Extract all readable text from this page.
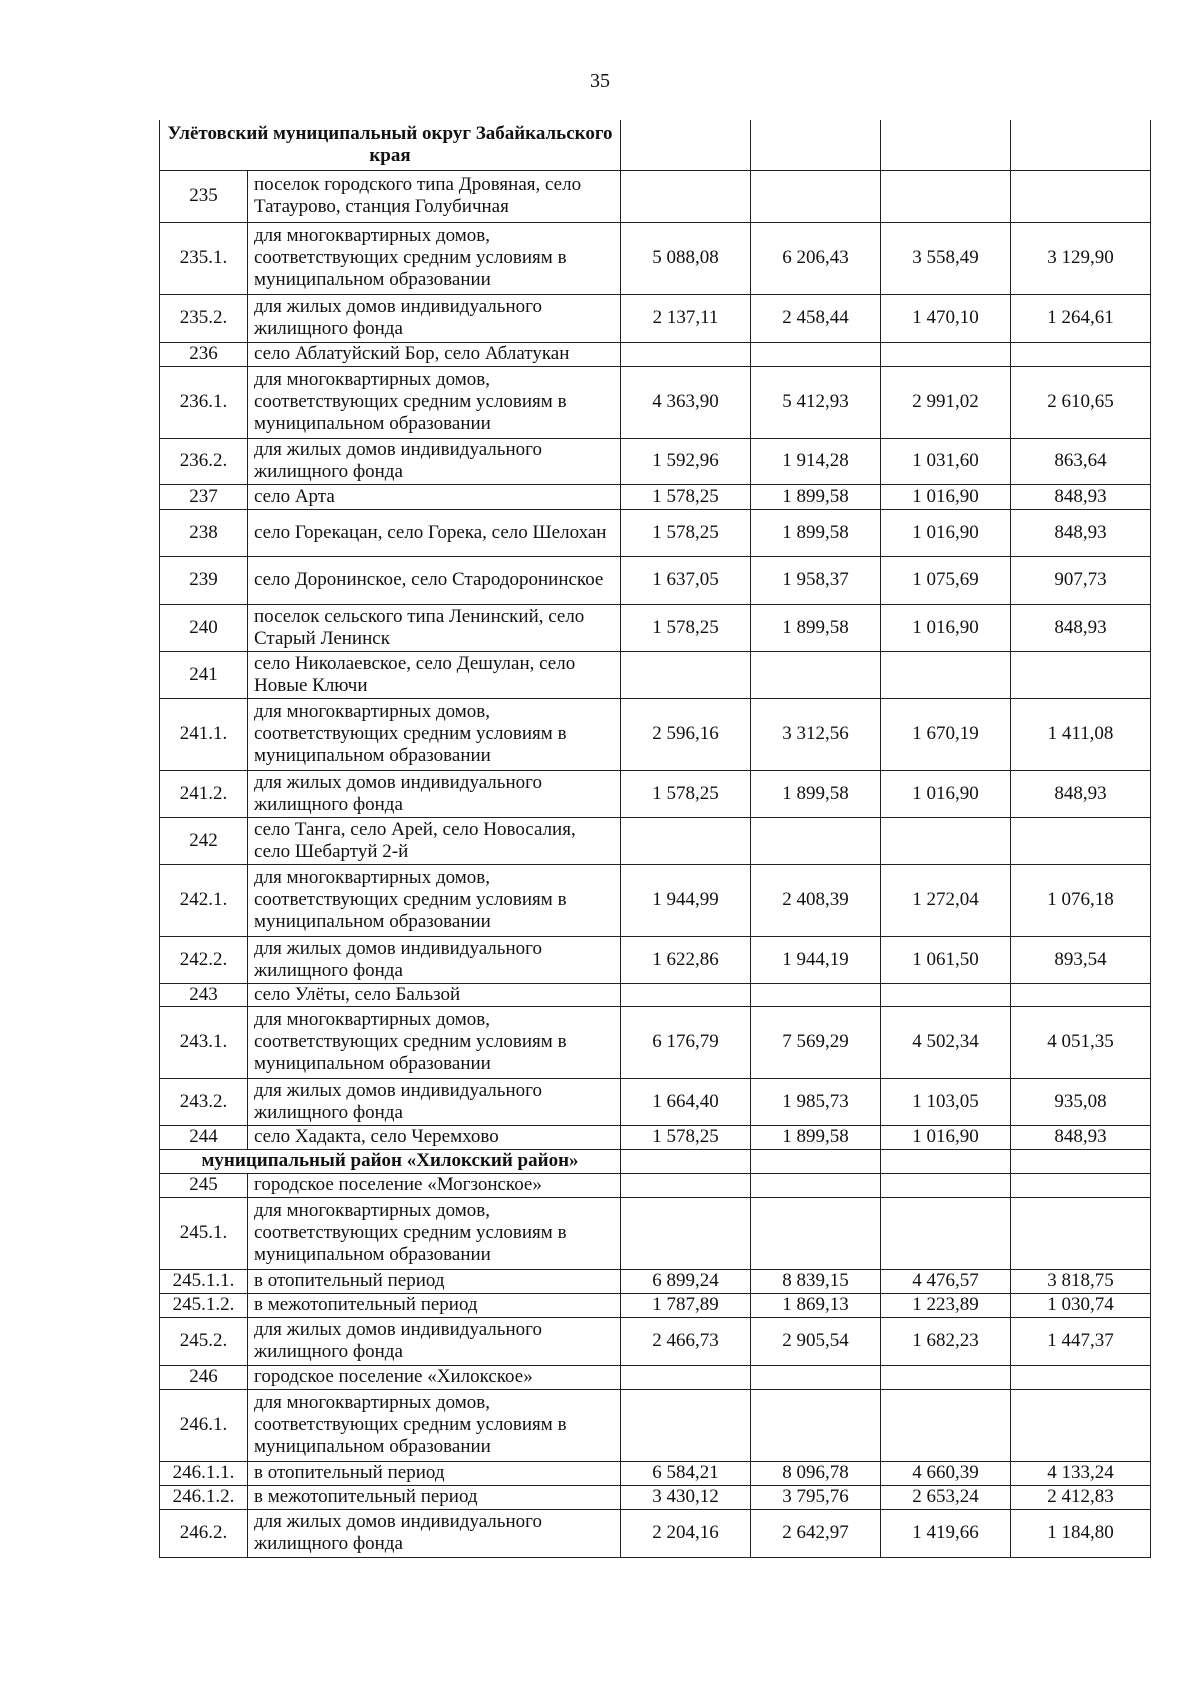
35
Улётовский муниципальный округ Забайкальского края					
235	поселок городского типа Дровяная, село Татаурово, станция Голубичная				
235.1.	для многоквартирных домов, соответствующих средним условиям в муниципальном образовании	5 088,08	6 206,43	3 558,49	3 129,90
235.2.	для жилых домов индивидуального жилищного фонда	2 137,11	2 458,44	1 470,10	1 264,61
236	село Аблатуйский Бор, село Аблатукан				
236.1.	для многоквартирных домов, соответствующих средним условиям в муниципальном образовании	4 363,90	5 412,93	2 991,02	2 610,65
236.2.	для жилых домов индивидуального жилищного фонда	1 592,96	1 914,28	1 031,60	863,64
237	село Арта	1 578,25	1 899,58	1 016,90	848,93
238	село Горекацан, село Горека, село Шелохан	1 578,25	1 899,58	1 016,90	848,93
239	село Доронинское, село Стародоронинское	1 637,05	1 958,37	1 075,69	907,73
240	поселок сельского типа Ленинский, село Старый Ленинск	1 578,25	1 899,58	1 016,90	848,93
241	село Николаевское, село Дешулан, село Новые Ключи				
241.1.	для многоквартирных домов, соответствующих средним условиям в муниципальном образовании	2 596,16	3 312,56	1 670,19	1 411,08
241.2.	для жилых домов индивидуального жилищного фонда	1 578,25	1 899,58	1 016,90	848,93
242	село Танга, село Арей, село Новосалия, село Шебартуй 2-й				
242.1.	для многоквартирных домов, соответствующих средним условиям в муниципальном образовании	1 944,99	2 408,39	1 272,04	1 076,18
242.2.	для жилых домов индивидуального жилищного фонда	1 622,86	1 944,19	1 061,50	893,54
243	село Улёты, село Бальзой				
243.1.	для многоквартирных домов, соответствующих средним условиям в муниципальном образовании	6 176,79	7 569,29	4 502,34	4 051,35
243.2.	для жилых домов индивидуального жилищного фонда	1 664,40	1 985,73	1 103,05	935,08
244	село Хадакта, село Черемхово	1 578,25	1 899,58	1 016,90	848,93
муниципальный район «Хилокский район»					
245	городское поселение «Могзонское»				
245.1.	для многоквартирных домов, соответствующих средним условиям в муниципальном образовании				
245.1.1.	в отопительный период	6 899,24	8 839,15	4 476,57	3 818,75
245.1.2.	в межотопительный период	1 787,89	1 869,13	1 223,89	1 030,74
245.2.	для жилых домов индивидуального жилищного фонда	2 466,73	2 905,54	1 682,23	1 447,37
246	городское поселение «Хилокское»				
246.1.	для многоквартирных домов, соответствующих средним условиям в муниципальном образовании				
246.1.1.	в отопительный период	6 584,21	8 096,78	4 660,39	4 133,24
246.1.2.	в межотопительный период	3 430,12	3 795,76	2 653,24	2 412,83
246.2.	для жилых домов индивидуального жилищного фонда	2 204,16	2 642,97	1 419,66	1 184,80
